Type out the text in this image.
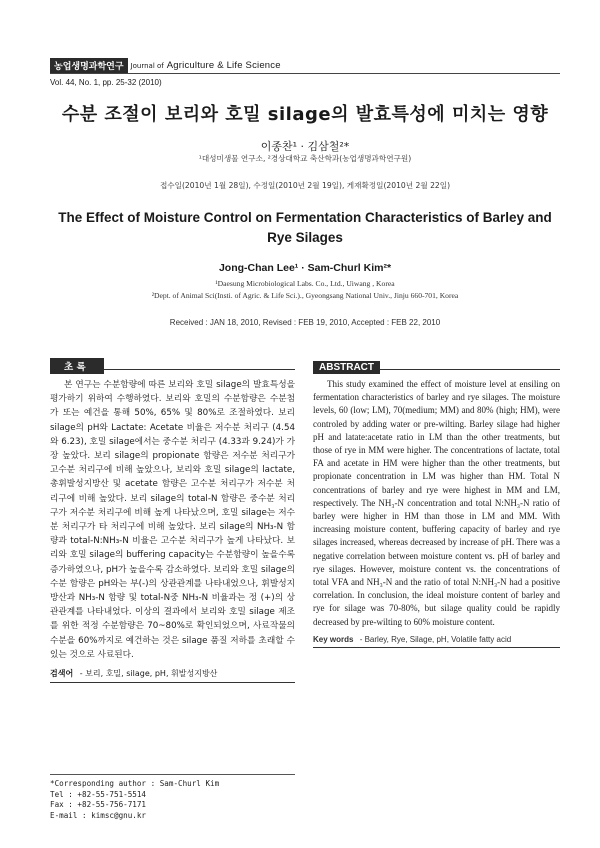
농업생명과학연구	Journal of Agriculture & Life Science
Vol. 44, No. 1, pp. 25-32 (2010)
수분 조절이 보리와 호밀 silage의 발효특성에 미치는 영향
이종찬¹ · 김삼철²*
¹대성미생물 연구소, ²경상대학교 축산학과(농업생명과학연구원)
접수일(2010년 1월 28일), 수정일(2010년 2월 19일), 게재확정일(2010년 2월 22일)
The Effect of Moisture Control on Fermentation Characteristics of Barley and Rye Silages
Jong-Chan Lee¹ · Sam-Churl Kim²*
¹Daesung Microbiological Labs. Co., Ltd., Uiwang , Korea
²Dept. of Animal Sci(Insti. of Agric. & Life Sci.)., Gyeongsang National Univ., Jinju 660-701, Korea
Received : JAN 18, 2010, Revised : FEB 19, 2010, Accepted : FEB 22, 2010
초 록
본 연구는 수분함량에 따른 보리와 호밀 silage의 발효특성을 평가하기 위하여 수행하였다. 보리와 호밀의 수분함량은 수분첨가 또는 예건을 통해 50%, 65% 및 80%로 조절하였다. 보리 silage의 pH와 Lactate: Acetate 비율은 저수분 처리구 (4.54와 6.23), 호밀 silage에서는 중수분 처리구 (4.33과 9.24)가 가장 높았다. 보리 silage의 propionate 함량은 저수분 처리구가 고수분 처리구에 비해 높았으나, 보리와 호밀 silage의 lactate, 총휘발성지방산 및 acetate 함량은 고수분 처리구가 저수분 처리구에 비해 높았다. 보리 silage의 total-N 함량은 중수분 처리구가 저수분 처리구에 비해 높게 나타났으며, 호밀 silage는 저수분 처리구가 타 처리구에 비해 높았다. 보리 silage의 NH₃-N 함량과 total-N:NH₃-N 비율은 고수분 처리구가 높게 나타났다. 보리와 호밀 silage의 buffering capacity는 수분함량이 높을수록 증가하였으나, pH가 높을수록 감소하였다. 보리와 호밀 silage의 수분 함량은 pH와는 부(-)의 상관관계를 나타내었으나, 휘발성지방산과 NH₃-N 함량 및 total-N중 NH₃-N 비율과는 정 (+)의 상관관계를 나타내었다. 이상의 결과에서 보리와 호밀 silage 제조를 위한 적정 수분함량은 70~80%로 확인되었으며, 사료작물의 수분을 60%까지로 예건하는 것은 silage 품질 저하를 초래할 수 있는 것으로 사료된다.
검색어 - 보리, 호밀, silage, pH, 휘발성지방산
ABSTRACT
This study examined the effect of moisture level at ensiling on fermentation characteristics of barley and rye silages. The moisture levels, 60 (low; LM), 70(medium; MM) and 80% (high; HM), were controled by adding water or pre-wilting. Barley silage had higher pH and latate:acetate ratio in LM than the other treatments, but those of rye in MM were higher. The concentrations of lactate, total FA and acetate in HM were higher than the other treatments, but propionate concentration in LM was higher than HM. Total N concentrations of barley and rye were highest in MM and LM, respectively. The NH₃-N concentration and total N:NH₃-N ratio of barley were higher in HM than those in LM and MM. With increasing moisture content, buffering capacity of barley and rye silages increased, whereas decreased by increase of pH. There was a negative correlation between moisture content vs. pH of barley and rye silages. However, moisture content vs. the concentrations of total VFA and NH₃-N and the ratio of total N:NH₃-N had a positive correlation. In conclusion, the ideal moisture content of barley and rye for silage was 70-80%, but silage quality could be rapidly decreased by pre-wilting to 60% moisture content.
Key words - Barley, Rye, Silage, pH, Volatile fatty acid
*Corresponding author : Sam-Churl Kim
Tel : +82-55-751-5514
Fax : +82-55-756-7171
E-mail : kimsc@gnu.kr
